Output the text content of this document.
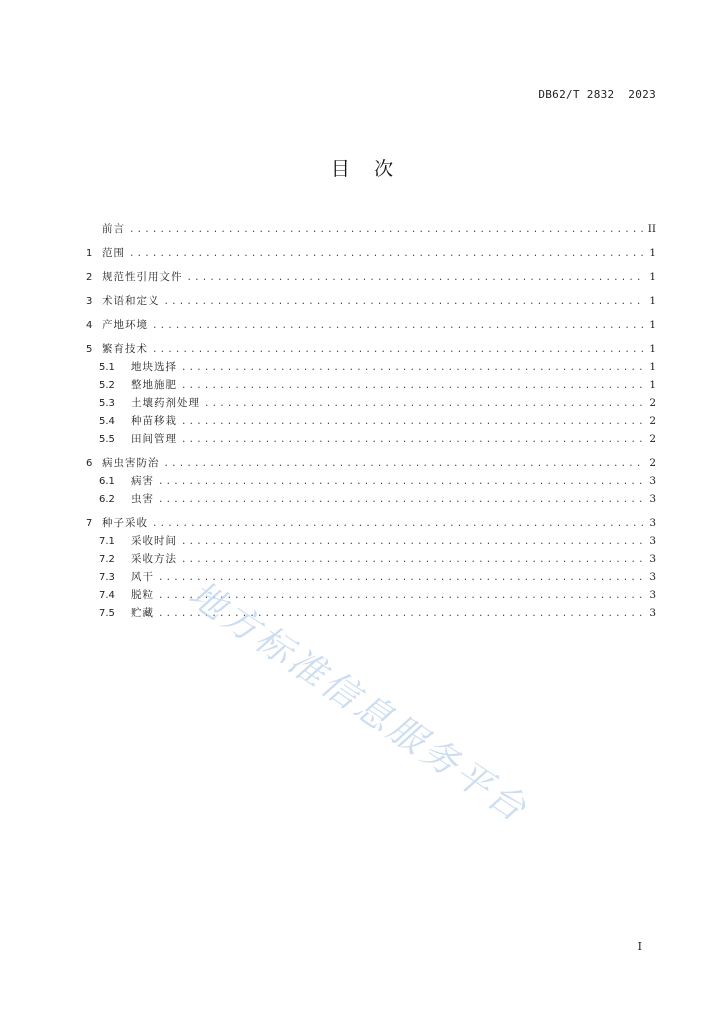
DB62/T 2832  2023
目    次
前言 .....	II
1 范围 .....	1
2 规范性引用文件 .....	1
3 术语和定义 .....	1
4 产地环境 .....	1
5 繁育技术 .....	1
5.1	地块选择 .....	1
5.2	整地施肥 .....	1
5.3	土壤药剂处理 .....	2
5.4	种苗移栽 .....	2
5.5	田间管理 .....	2
6 病虫害防治 .....	2
6.1	病害 .....	3
6.2	虫害 .....	3
7 种子采收 .....	3
7.1	采收时间 .....	3
7.2	采收方法 .....	3
7.3	风干 .....	3
7.4	脱粒 .....	3
7.5	贮藏 .....	3
地方标准信息服务平台
I
